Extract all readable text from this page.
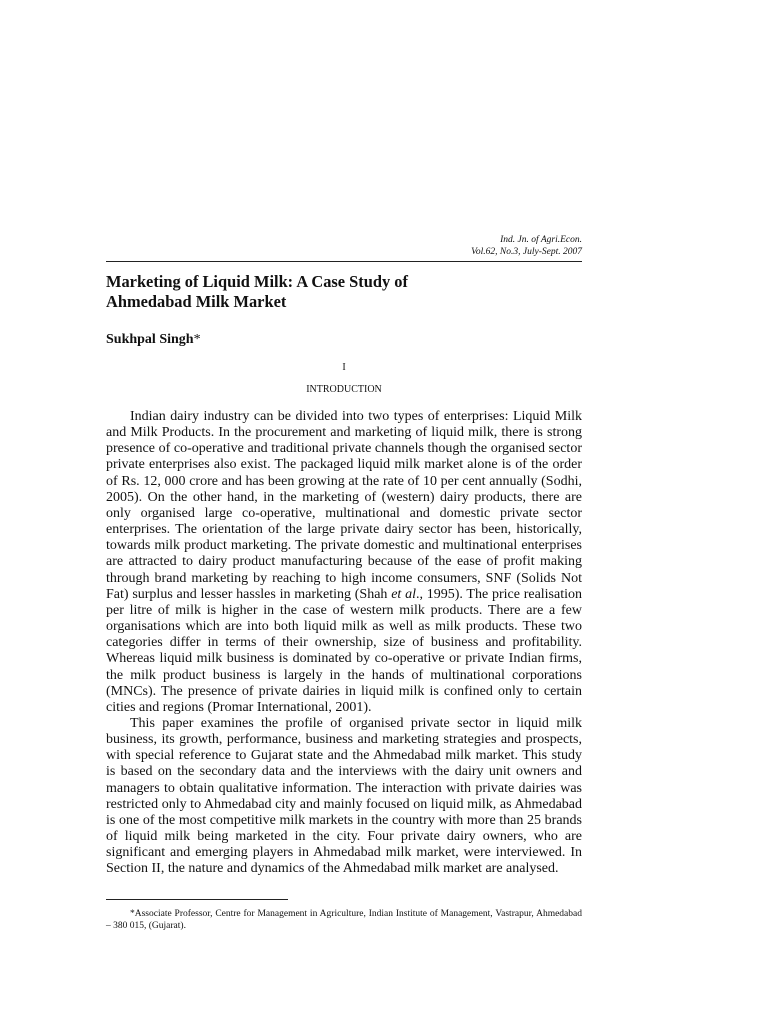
Ind. Jn. of Agri.Econ.
Vol.62, No.3, July-Sept. 2007
Marketing of Liquid Milk: A Case Study of
Ahmedabad Milk Market
Sukhpal Singh*
I
INTRODUCTION

Indian dairy industry can be divided into two types of enterprises: Liquid Milk and Milk Products. In the procurement and marketing of liquid milk, there is strong presence of co-operative and traditional private channels though the organised sector private enterprises also exist. The packaged liquid milk market alone is of the order of Rs. 12, 000 crore and has been growing at the rate of 10 per cent annually (Sodhi, 2005). On the other hand, in the marketing of (western) dairy products, there are only organised large co-operative, multinational and domestic private sector enterprises. The orientation of the large private dairy sector has been, historically, towards milk product marketing. The private domestic and multinational enterprises are attracted to dairy product manufacturing because of the ease of profit making through brand marketing by reaching to high income consumers, SNF (Solids Not Fat) surplus and lesser hassles in marketing (Shah et al., 1995). The price realisation per litre of milk is higher in the case of western milk products. There are a few organisations which are into both liquid milk as well as milk products. These two categories differ in terms of their ownership, size of business and profitability. Whereas liquid milk business is dominated by co-operative or private Indian firms, the milk product business is largely in the hands of multinational corporations (MNCs). The presence of private dairies in liquid milk is confined only to certain cities and regions (Promar International, 2001).

This paper examines the profile of organised private sector in liquid milk business, its growth, performance, business and marketing strategies and prospects, with special reference to Gujarat state and the Ahmedabad milk market. This study is based on the secondary data and the interviews with the dairy unit owners and managers to obtain qualitative information. The interaction with private dairies was restricted only to Ahmedabad city and mainly focused on liquid milk, as Ahmedabad is one of the most competitive milk markets in the country with more than 25 brands of liquid milk being marketed in the city. Four private dairy owners, who are significant and emerging players in Ahmedabad milk market, were interviewed. In Section II, the nature and dynamics of the Ahmedabad milk market are analysed.

*Associate Professor, Centre for Management in Agriculture, Indian Institute of Management, Vastrapur, Ahmedabad – 380 015, (Gujarat).
